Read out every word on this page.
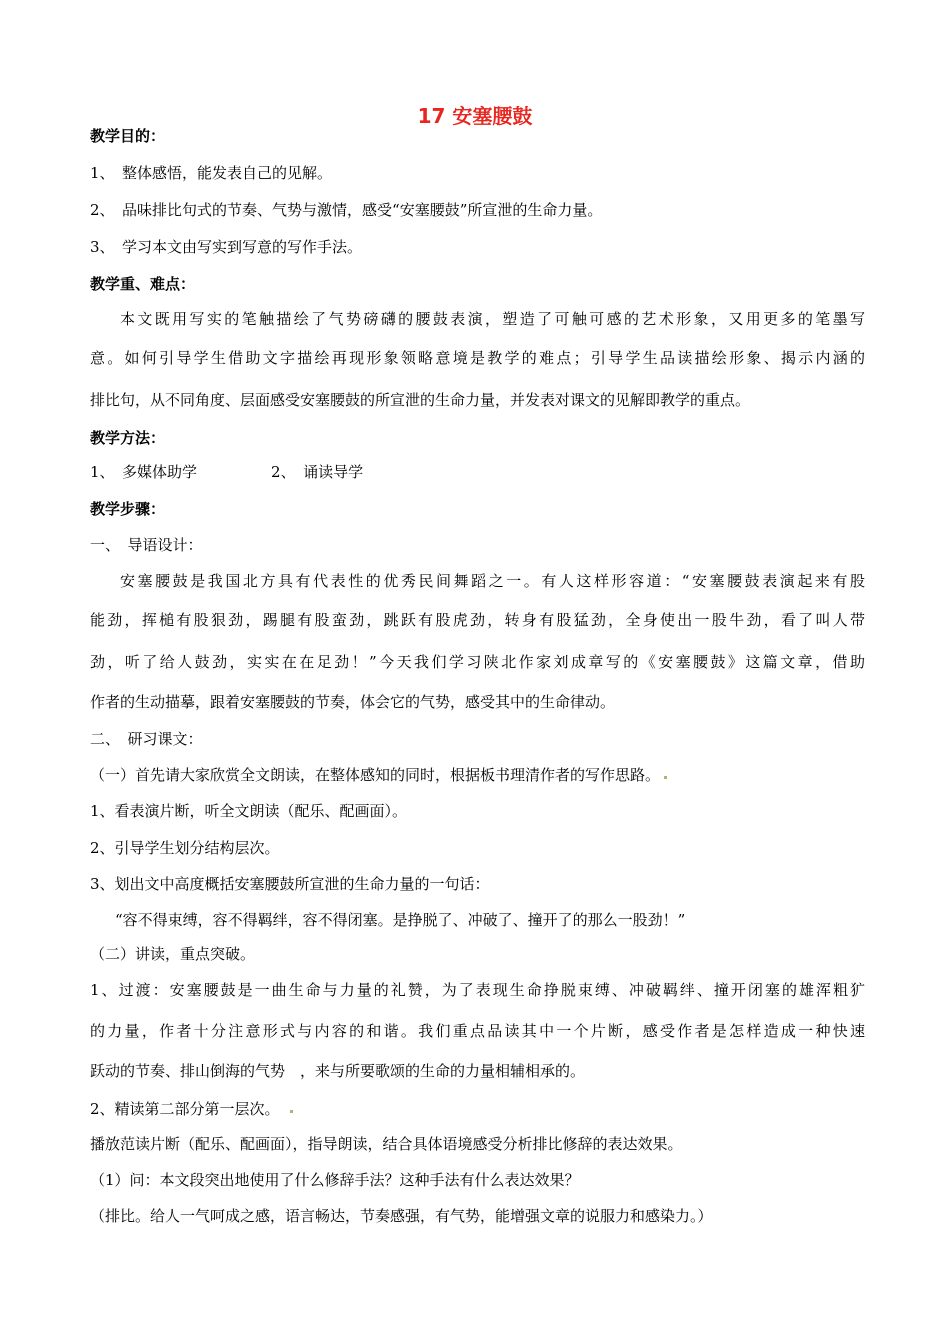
17 安塞腰鼓
教学目的：
1、　整体感悟，能发表自己的见解。
2、　品味排比句式的节奏、气势与激情，感受“安塞腰鼓”所宣泄的生命力量。
3、　学习本文由写实到写意的写作手法。
教学重、难点：
本文既用写实的笔触描绘了气势磅礴的腰鼓表演，塑造了可触可感的艺术形象，又用更多的笔墨写
意。如何引导学生借助文字描绘再现形象领略意境是教学的难点；引导学生品读描绘形象、揭示内涵的
排比句，从不同角度、层面感受安塞腰鼓的所宣泄的生命力量，并发表对课文的见解即教学的重点。
教学方法：
1、　多媒体助学	2、　诵读导学
教学步骤：
一、　导语设计：
安塞腰鼓是我国北方具有代表性的优秀民间舞蹈之一。有人这样形容道：“安塞腰鼓表演起来有股
能劲，挥槌有股狠劲，踢腿有股蛮劲，跳跃有股虎劲，转身有股猛劲，全身使出一股牛劲，看了叫人带
劲，听了给人鼓劲，实实在在足劲！”今天我们学习陕北作家刘成章写的《安塞腰鼓》这篇文章，借助
作者的生动描摹，跟着安塞腰鼓的节奏，体会它的气势，感受其中的生命律动。
二、　研习课文：
（一）首先请大家欣赏全文朗读，在整体感知的同时，根据板书理清作者的写作思路。
1、看表演片断，听全文朗读（配乐、配画面）。
2、引导学生划分结构层次。
3、划出文中高度概括安塞腰鼓所宣泄的生命力量的一句话：
“容不得束缚，容不得羁绊，容不得闭塞。是挣脱了、冲破了、撞开了的那么一股劲！”
（二）讲读，重点突破。
1、过渡：安塞腰鼓是一曲生命与力量的礼赞，为了表现生命挣脱束缚、冲破羁绊、撞开闭塞的雄浑粗犷
的力量，作者十分注意形式与内容的和谐。我们重点品读其中一个片断，感受作者是怎样造成一种快速
跃动的节奏、排山倒海的气势　，来与所要歌颂的生命的力量相辅相承的。
2、精读第二部分第一层次。
播放范读片断（配乐、配画面），指导朗读，结合具体语境感受分析排比修辞的表达效果。
（1）问：本文段突出地使用了什么修辞手法？这种手法有什么表达效果？
（排比。给人一气呵成之感，语言畅达，节奏感强，有气势，能增强文章的说服力和感染力。）
